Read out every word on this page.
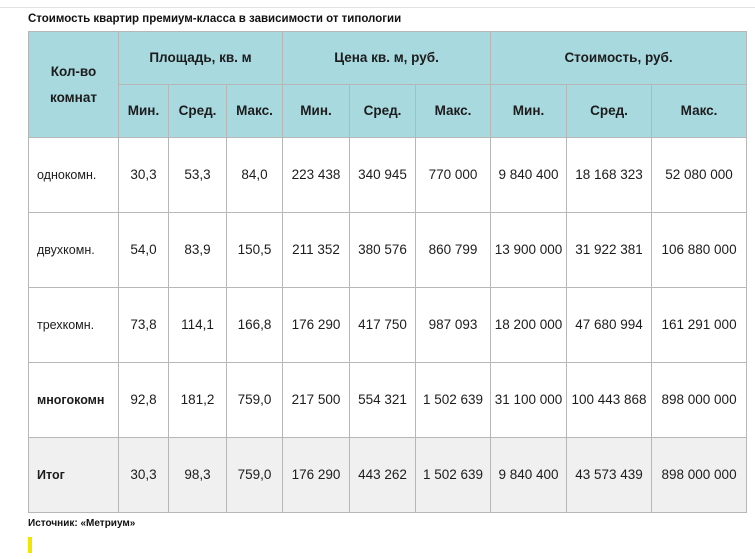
Стоимость квартир премиум-класса в зависимости от типологии
Кол-во комнат	Площадь, кв. м			Цена кв. м, руб.			Стоимость, руб.		
	Мин.	Сред.	Макс.	Мин.	Сред.	Макс.	Мин.	Сред.	Макс.
однокомн.	30,3	53,3	84,0	223 438	340 945	770 000	9 840 400	18 168 323	52 080 000
двухкомн.	54,0	83,9	150,5	211 352	380 576	860 799	13 900 000	31 922 381	106 880 000
трехкомн.	73,8	114,1	166,8	176 290	417 750	987 093	18 200 000	47 680 994	161 291 000
многокомн	92,8	181,2	759,0	217 500	554 321	1 502 639	31 100 000	100 443 868	898 000 000
Итог	30,3	98,3	759,0	176 290	443 262	1 502 639	9 840 400	43 573 439	898 000 000
Источник: «Метриум»
